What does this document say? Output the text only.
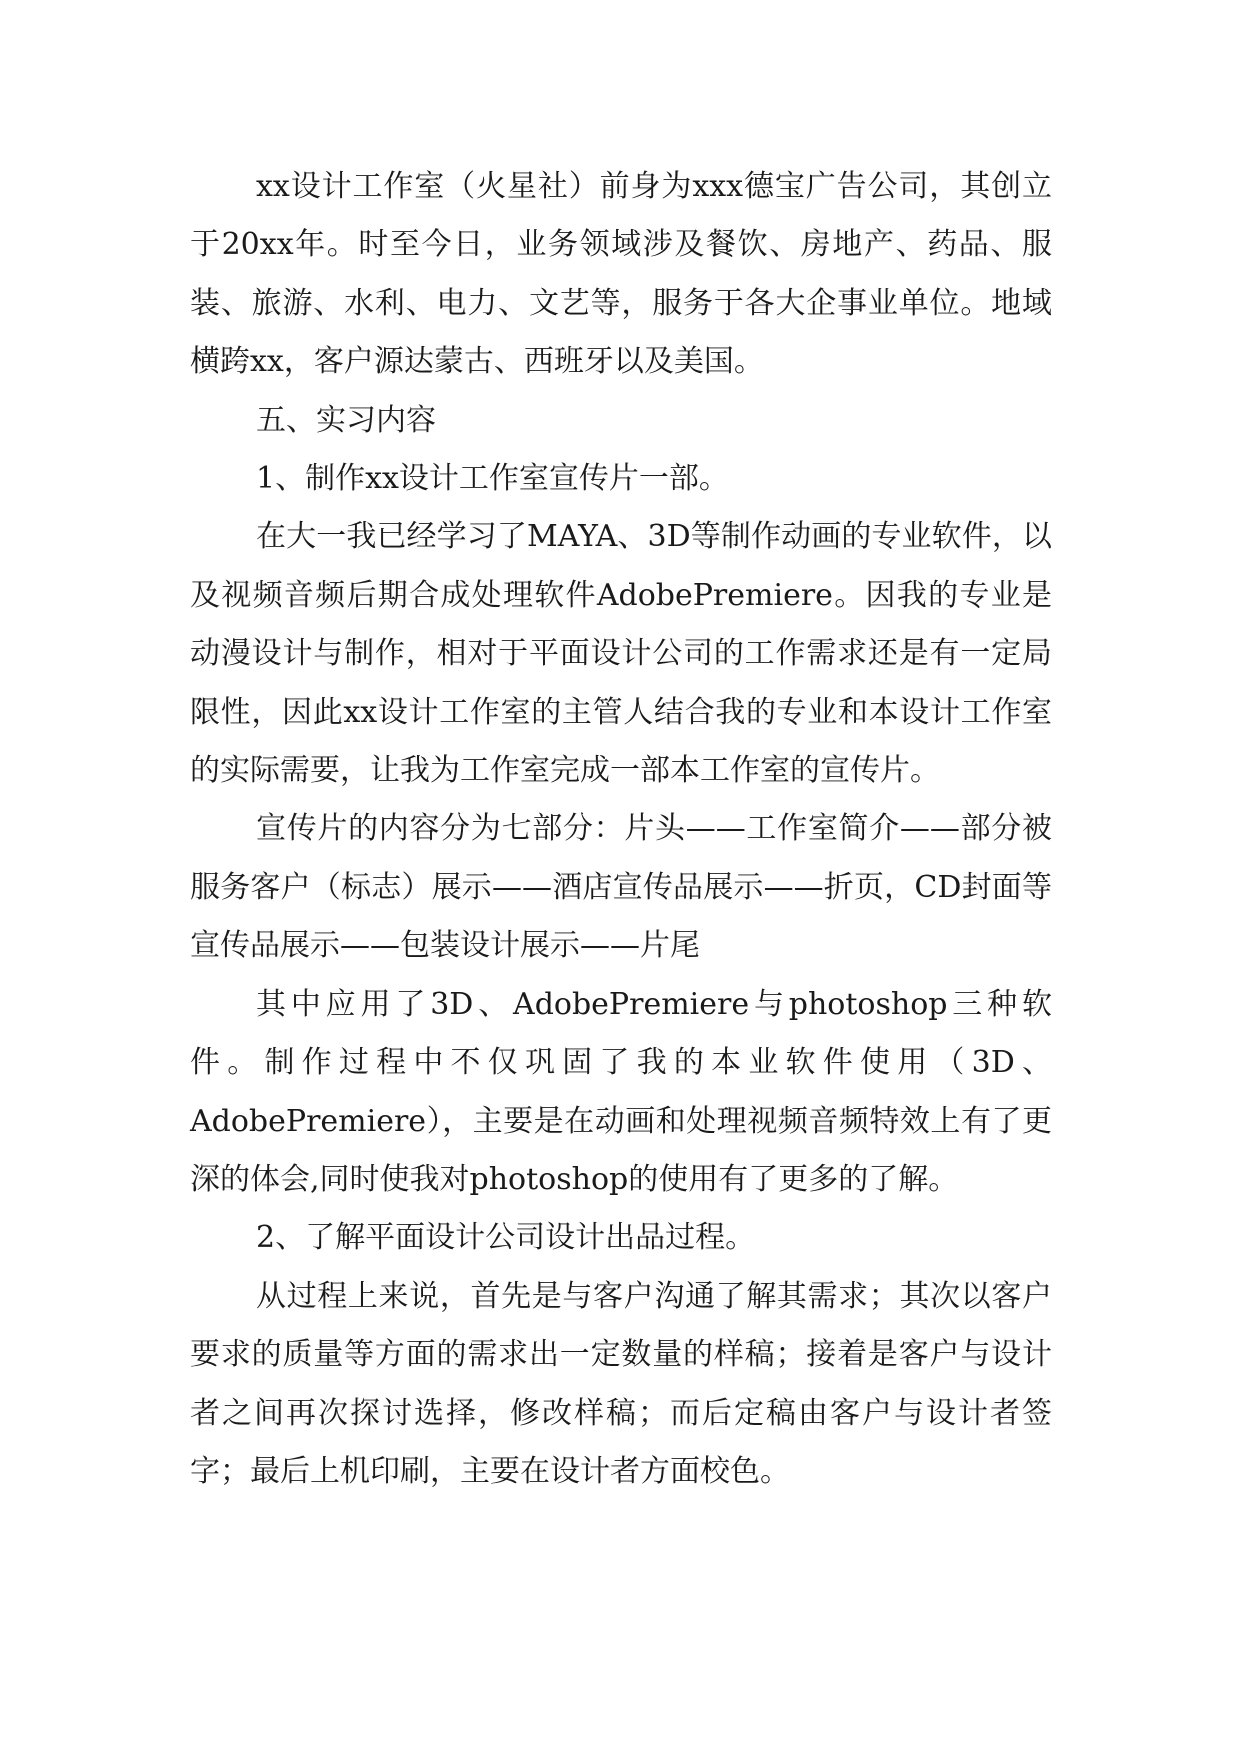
xx设计工作室（火星社）前身为xxx德宝广告公司，其创立于20xx年。时至今日，业务领域涉及餐饮、房地产、药品、服装、旅游、水利、电力、文艺等，服务于各大企事业单位。地域横跨xx，客户源达蒙古、西班牙以及美国。

五、实习内容

1、制作xx设计工作室宣传片一部。

在大一我已经学习了MAYA、3D等制作动画的专业软件，以及视频音频后期合成处理软件AdobePremiere。因我的专业是动漫设计与制作，相对于平面设计公司的工作需求还是有一定局限性，因此xx设计工作室的主管人结合我的专业和本设计工作室的实际需要，让我为工作室完成一部本工作室的宣传片。

宣传片的内容分为七部分：片头——工作室简介——部分被服务客户（标志）展示——酒店宣传品展示——折页，CD封面等宣传品展示——包装设计展示——片尾

其中应用了3D、AdobePremiere与photoshop三种软件。制作过程中不仅巩固了我的本业软件使用（3D、AdobePremiere），主要是在动画和处理视频音频特效上有了更深的体会,同时使我对photoshop的使用有了更多的了解。

2、了解平面设计公司设计出品过程。

从过程上来说，首先是与客户沟通了解其需求；其次以客户要求的质量等方面的需求出一定数量的样稿；接着是客户与设计者之间再次探讨选择，修改样稿；而后定稿由客户与设计者签字；最后上机印刷，主要在设计者方面校色。
